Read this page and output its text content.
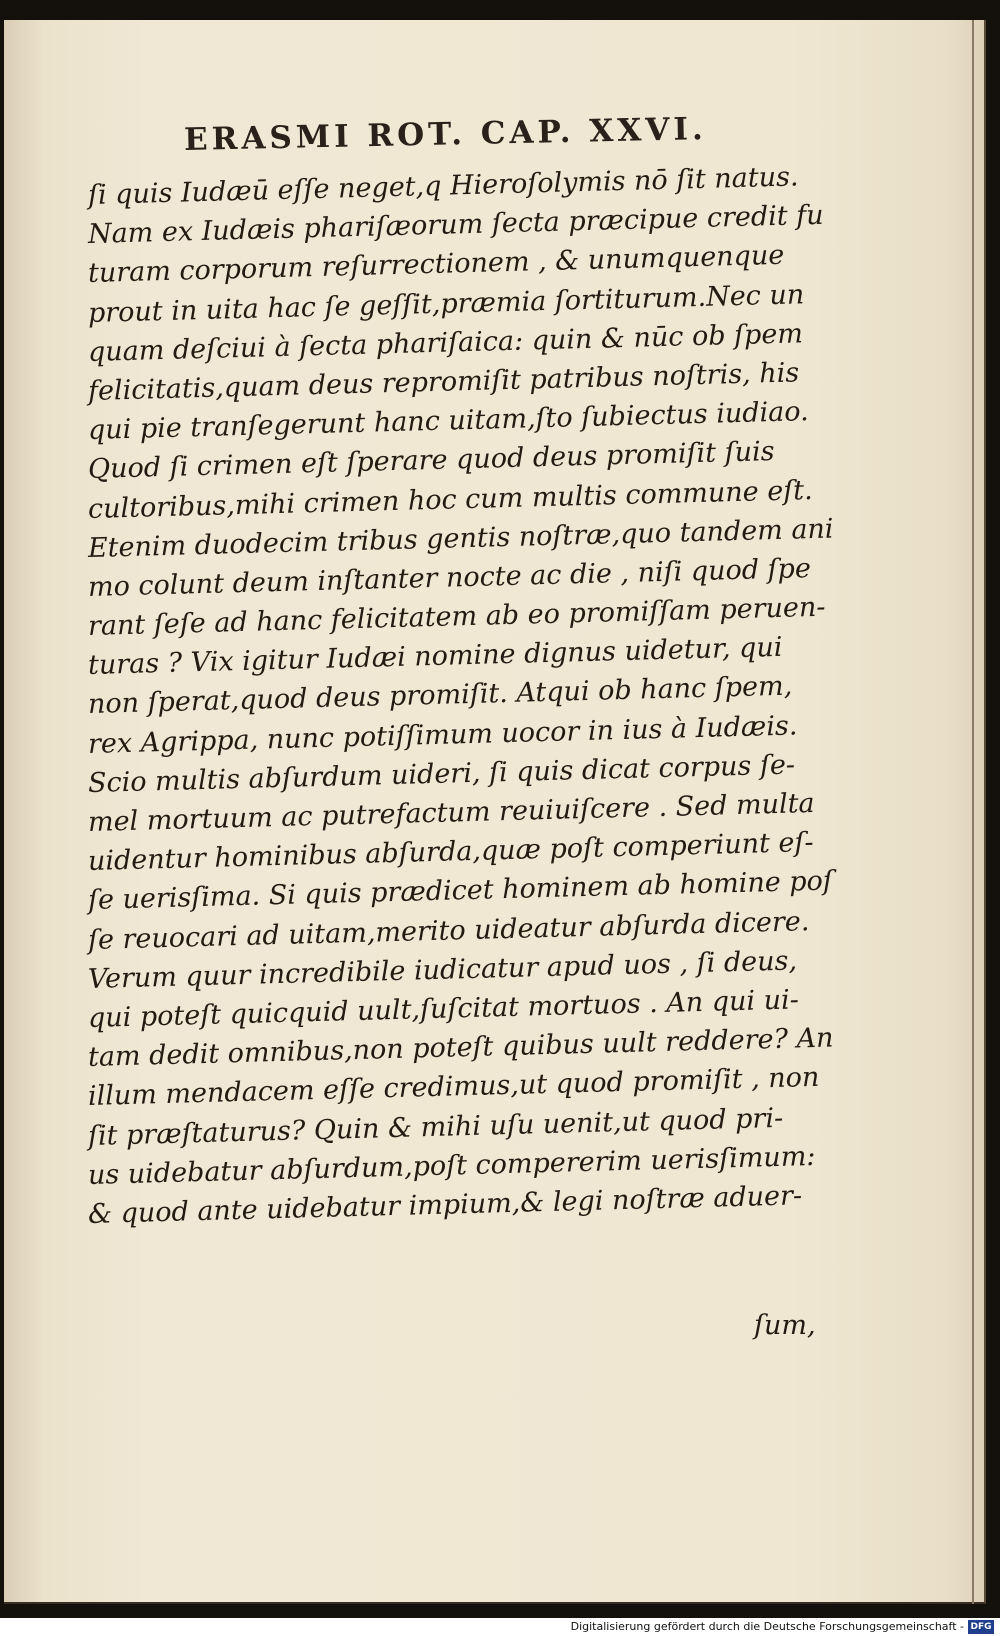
ERASMI ROT. CAP. XXVI.
ſi quis Iudæū eſſe neget,q Hieroſolymis nō ſit natus.
Nam ex Iudæis phariſæorum ſecta præcipue credit fu
turam corporum reſurrectionem , & unumquenque
prout in uita hac ſe geſſit,præmia ſortiturum.Nec un
quam deſciui à ſecta phariſaica: quin & nūc ob ſpem
felicitatis,quam deus repromiſit patribus noſtris, his
qui pie tranſegerunt hanc uitam,ſto ſubiectus iudiao.
Quod ſi crimen eſt ſperare quod deus promiſit ſuis
cultoribus,mihi crimen hoc cum multis commune eſt.
Etenim duodecim tribus gentis noſtræ,quo tandem ani
mo colunt deum inſtanter nocte ac die , niſi quod ſpe
rant ſeſe ad hanc felicitatem ab eo promiſſam peruen-
turas ? Vix igitur Iudæi nomine dignus uidetur, qui
non ſperat,quod deus promiſit. Atqui ob hanc ſpem,
rex Agrippa, nunc potiſſimum uocor in ius à Iudæis.
Scio multis abſurdum uideri, ſi quis dicat corpus ſe-
mel mortuum ac putrefactum reuiuiſcere . Sed multa
uidentur hominibus abſurda,quæ poſt comperiunt eſ-
ſe uerisſima. Si quis prædicet hominem ab homine poſ
ſe reuocari ad uitam,merito uideatur abſurda dicere.
Verum quur incredibile iudicatur apud uos , ſi deus,
qui poteſt quicquid uult,ſuſcitat mortuos . An qui ui-
tam dedit omnibus,non poteſt quibus uult reddere? An
illum mendacem eſſe credimus,ut quod promiſit , non
ſit præſtaturus? Quin & mihi uſu uenit,ut quod pri-
us uidebatur abſurdum,poſt compererim uerisſimum:
& quod ante uidebatur impium,& legi noſtræ aduer-
ſum,
Digitalisierung gefördert durch die Deutsche Forschungsgemeinschaft - DFG
